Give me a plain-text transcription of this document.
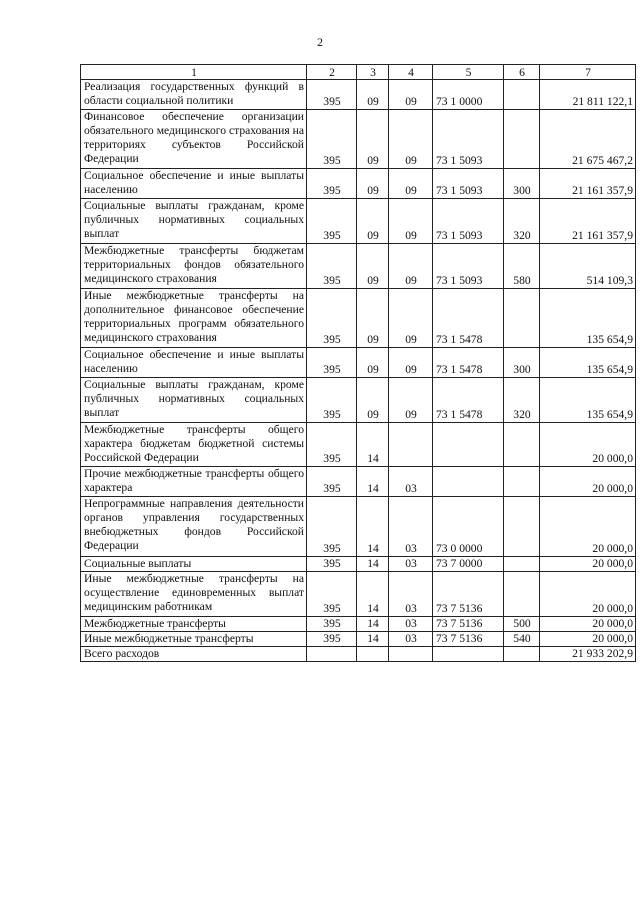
2
1	2	3	4	5	6	7
Реализация государственных функций в области социальной политики	395	09	09	73 1 0000		21 811 122,1
Финансовое обеспечение организации обязательного медицинского страхования на территориях субъектов Российской Федерации	395	09	09	73 1 5093		21 675 467,2
Социальное обеспечение и иные выплаты населению	395	09	09	73 1 5093	300	21 161 357,9
Социальные выплаты гражданам, кроме публичных нормативных социальных выплат	395	09	09	73 1 5093	320	21 161 357,9
Межбюджетные трансферты бюджетам территориальных фондов обязательного медицинского страхования	395	09	09	73 1 5093	580	514 109,3
Иные межбюджетные трансферты на дополнительное финансовое обеспечение территориальных программ обязательного медицинского страхования	395	09	09	73 1 5478		135 654,9
Социальное обеспечение и иные выплаты населению	395	09	09	73 1 5478	300	135 654,9
Социальные выплаты гражданам, кроме публичных нормативных социальных выплат	395	09	09	73 1 5478	320	135 654,9
Межбюджетные трансферты общего характера бюджетам бюджетной системы Российской Федерации	395	14				20 000,0
Прочие межбюджетные трансферты общего характера	395	14	03			20 000,0
Непрограммные направления деятельности органов управления государственных внебюджетных фондов Российской Федерации	395	14	03	73 0 0000		20 000,0
Социальные выплаты	395	14	03	73 7 0000		20 000,0
Иные межбюджетные трансферты на осуществление единовременных выплат медицинским работникам	395	14	03	73 7 5136		20 000,0
Межбюджетные трансферты	395	14	03	73 7 5136	500	20 000,0
Иные межбюджетные трансферты	395	14	03	73 7 5136	540	20 000,0
Всего расходов						21 933 202,9
